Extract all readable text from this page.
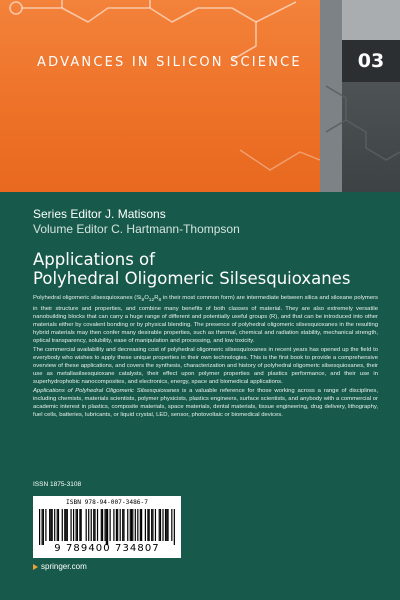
ADVANCES IN SILICON SCIENCE	03
Series Editor J. Matisons
Volume Editor C. Hartmann-Thompson
Applications of
Polyhedral Oligomeric Silsesquioxanes

Polyhedral oligomeric silsesquioxanes ($Si_8O_{12}R_8$ in their most common form) are intermediate between silica and siloxane polymers in their structure and properties, and combine many benefits of both classes of material. They are also extremely versatile nanobuilding blocks that can carry a huge range of different and potentially useful groups (R), and that can be introduced into other materials either by covalent bonding or by physical blending. The presence of polyhedral oligomeric silsesquioxanes in the resulting hybrid materials may then confer many desirable properties, such as thermal, chemical and radiation stability, mechanical strength, optical transparency, solubility, ease of manipulation and processing, and low toxicity.

The commercial availability and decreasing cost of polyhedral oligomeric silsesquioxanes in recent years has opened up the field to everybody who wishes to apply these unique properties in their own technologies. This is the first book to provide a comprehensive overview of these applications, and covers the synthesis, characterization and history of polyhedral oligomeric silsesquioxanes, their use as metallasilsesquioxane catalysts, their effect upon polymer properties and plastics performance, and their use in superhydrophobic nanocomposites, and electronics, energy, space and biomedical applications.

Applications of Polyhedral Oligomeric Silsesquioxanes is a valuable reference for those working across a range of disciplines, including chemists, materials scientists, polymer physicists, plastics engineers, surface scientists, and anybody with a commercial or academic interest in plastics, composite materials, space materials, dental materials, tissue engineering, drug delivery, lithography, fuel cells, batteries, lubricants, or liquid crystal, LED, sensor, photovoltaic or biomedical devices.

ISSN 1875-3108
ISBN 978-94-007-3486-7
9 789400 734807
springer.com
